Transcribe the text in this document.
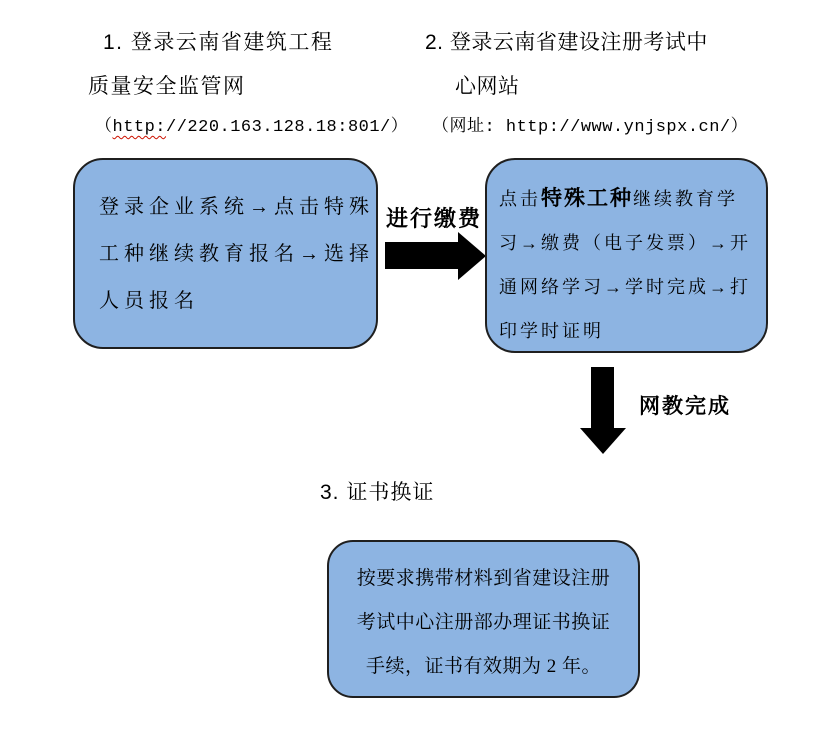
1. 登录云南省建筑工程
质量安全监管网
（http://220.163.128.18:801/）
2. 登录云南省建设注册考试中
心网站
（网址: http://www.ynjspx.cn/）
登录企业系统→点击特殊
工种继续教育报名→选择
人员报名
进行缴费
点击特殊工种继续教育学
习→缴费（电子发票）→开
通网络学习→学时完成→打
印学时证明
网教完成
3. 证书换证
按要求携带材料到省建设注册
考试中心注册部办理证书换证
手续，证书有效期为 2 年。
